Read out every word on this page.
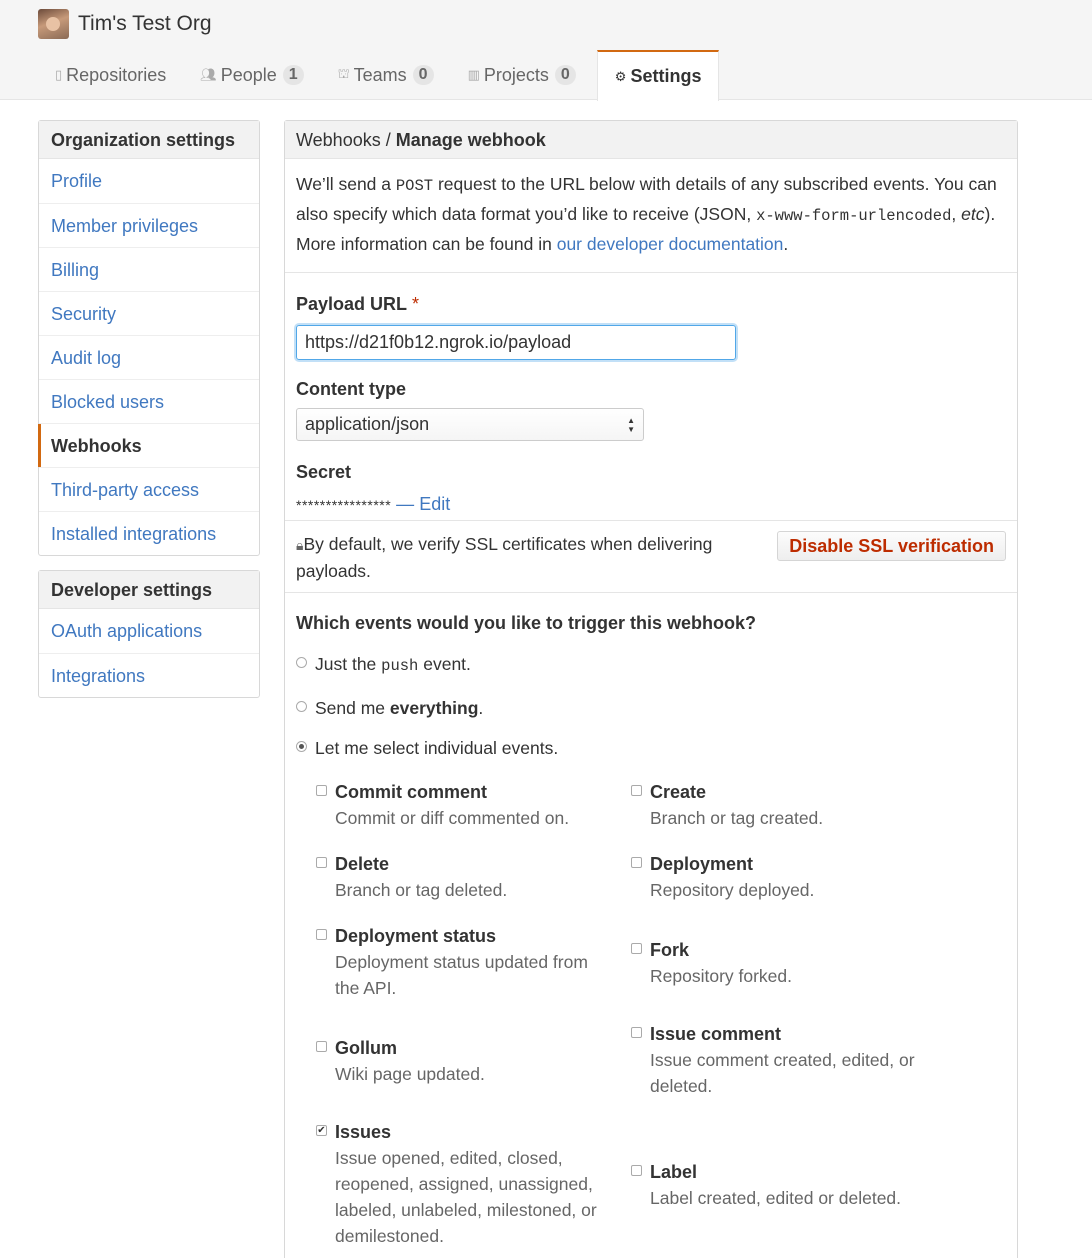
Tim's Test Org
▯ Repositories	👥︎ People 1	⛫ Teams 0	▥ Projects 0	⚙ Settings
Organization settings
Profile
Member privileges
Billing
Security
Audit log
Blocked users
Webhooks
Third-party access
Installed integrations
Developer settings
OAuth applications
Integrations
Webhooks / Manage webhook
We’ll send a POST request to the URL below with details of any subscribed events. You can also specify which data format you’d like to receive (JSON, x-www-form-urlencoded, etc). More information can be found in our developer documentation.
Payload URL *
https://d21f0b12.ngrok.io/payload
Content type
application/json	▲
▼
Secret
**************** — Edit
🔒︎By default, we verify SSL certificates when delivering payloads.
Disable SSL verification
Which events would you like to trigger this webhook?
Just the push event.
Send me everything.
Let me select individual events.
Commit comment
Commit or diff commented on.
Create
Branch or tag created.
Delete
Branch or tag deleted.
Deployment
Repository deployed.
Deployment status
Deployment status updated from the API.
Fork
Repository forked.
Gollum
Wiki page updated.
Issue comment
Issue comment created, edited, or deleted.
✔ Issues
Issue opened, edited, closed, reopened, assigned, unassigned, labeled, unlabeled, milestoned, or demilestoned.
Label
Label created, edited or deleted.
